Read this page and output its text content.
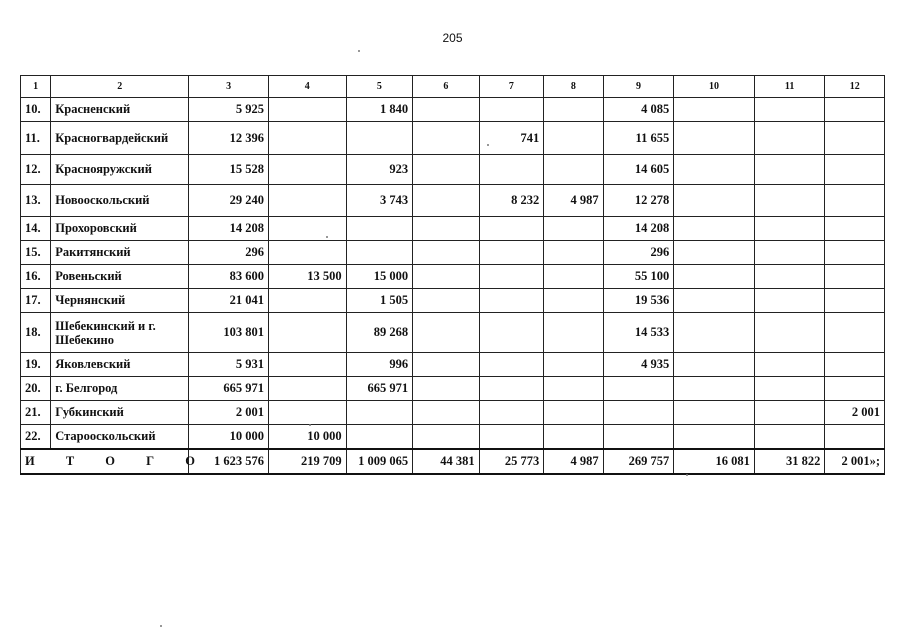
205
1	2	3	4	5	6	7	8	9	10	11	12
10.	Красненский	5 925		1 840				4 085			
11.	Красногвардейский	12 396				741		11 655			
12.	Краснояружский	15 528		923				14 605			
13.	Новооскольский	29 240		3 743		8 232	4 987	12 278			
14.	Прохоровский	14 208						14 208			
15.	Ракитянский	296						296			
16.	Ровеньский	83 600	13 500	15 000				55 100			
17.	Чернянский	21 041		1 505				19 536			
18.	Шебекинский и г. Шебекино	103 801		89 268				14 533			
19.	Яковлевский	5 931		996				4 935			
20.	г. Белгород	665 971		665 971							
21.	Губкинский	2 001									2 001
22.	Старооскольский	10 000	10 000								
И Т О Г О		1 623 576	219 709	1 009 065	44 381	25 773	4 987	269 757	16 081	31 822	2 001»;
